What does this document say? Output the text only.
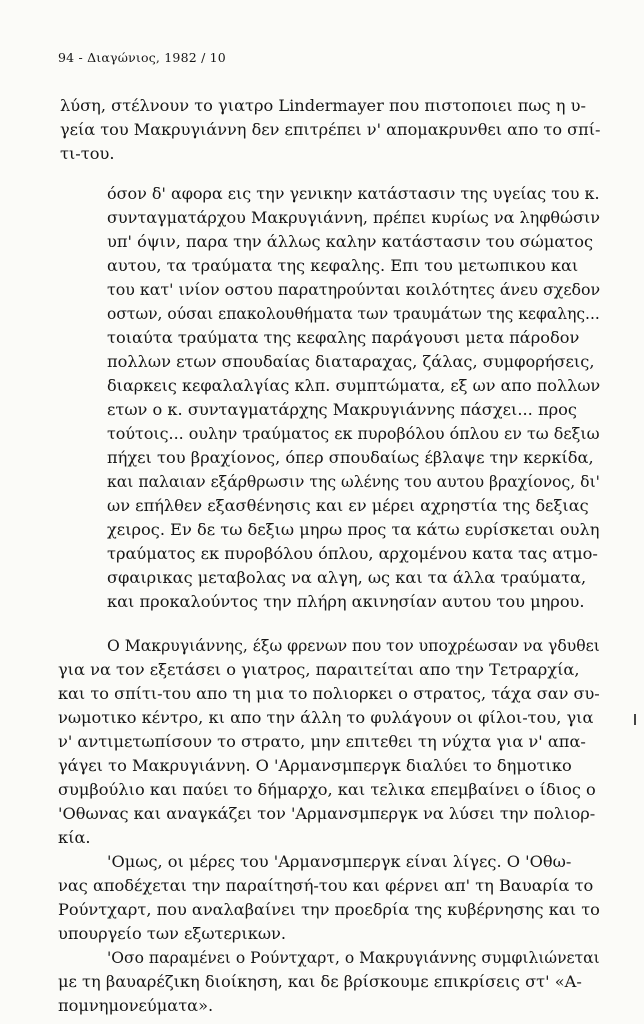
94 - Διαγώνιος, 1982 / 10
λύση, στέλνουν το γιατρο Lindermayer που πιστοποιει πως η υ-
γεία του Μακρυγιάννη δεν επιτρέπει ν' απομακρυνθει απο το σπί-
τι-του.
όσον δ' αφορα εις την γενικην κατάστασιν της υγείας του κ.
συνταγματάρχου Μακρυγιάννη, πρέπει κυρίως να ληφθώσιν
υπ' όψιν, παρα την άλλως καλην κατάστασιν του σώματος
αυτου, τα τραύματα της κεφαλης. Επι του μετωπικου και
του κατ' ινίον οστου παρατηρούνται κοιλότητες άνευ σχεδον
οστων, ούσαι επακολουθήματα των τραυμάτων της κεφαλης...
τοιαύτα τραύματα της κεφαλης παράγουσι μετα πάροδον
πολλων ετων σπουδαίας διαταραχας, ζάλας, συμφορήσεις,
διαρκεις κεφαλαλγίας κλπ. συμπτώματα, εξ ων απο πολλων
ετων ο κ. συνταγματάρχης Μακρυγιάννης πάσχει... προς
τούτοις... ουλην τραύματος εκ πυροβόλου όπλου εν τω δεξιω
πήχει του βραχίονος, όπερ σπουδαίως έβλαψε την κερκίδα,
και παλαιαν εξάρθρωσιν της ωλένης του αυτου βραχίονος, δι'
ων επήλθεν εξασθένησις και εν μέρει αχρηστία της δεξιας
χειρος. Εν δε τω δεξιω μηρω προς τα κάτω ευρίσκεται ουλη
τραύματος εκ πυροβόλου όπλου, αρχομένου κατα τας ατμο-
σφαιρικας μεταβολας να αλγη, ως και τα άλλα τραύματα,
και προκαλούντος την πλήρη ακινησίαν αυτου του μηρου.
Ο Μακρυγιάννης, έξω φρενων που τον υποχρέωσαν να γδυθει
για να τον εξετάσει ο γιατρος, παραιτείται απο την Τετραρχία,
και το σπίτι-του απο τη μια το πολιορκει ο στρατος, τάχα σαν συ-
νωμοτικο κέντρο, κι απο την άλλη το φυλάγουν οι φίλοι-του, για
ν' αντιμετωπίσουν το στρατο, μην επιτεθει τη νύχτα για ν' απα-
γάγει το Μακρυγιάννη. Ο 'Αρμανσμπεργκ διαλύει το δημοτικο
συμβούλιο και παύει το δήμαρχο, και τελικα επεμβαίνει ο ίδιος ο
'Οθωνας και αναγκάζει τον 'Αρμανσμπεργκ να λύσει την πολιορ-
κία.
'Ομως, οι μέρες του 'Αρμανσμπεργκ είναι λίγες. Ο 'Οθω-
νας αποδέχεται την παραίτησή-του και φέρνει απ' τη Βαυαρία το
Ρούντχαρτ, που αναλαβαίνει την προεδρία της κυβέρνησης και το
υπουργείο των εξωτερικων.
'Οσο παραμένει ο Ρούντχαρτ, ο Μακρυγιάννης συμφιλιώνεται
με τη βαυαρέζικη διοίκηση, και δε βρίσκουμε επικρίσεις στ' «Α-
πομνημονεύματα».
